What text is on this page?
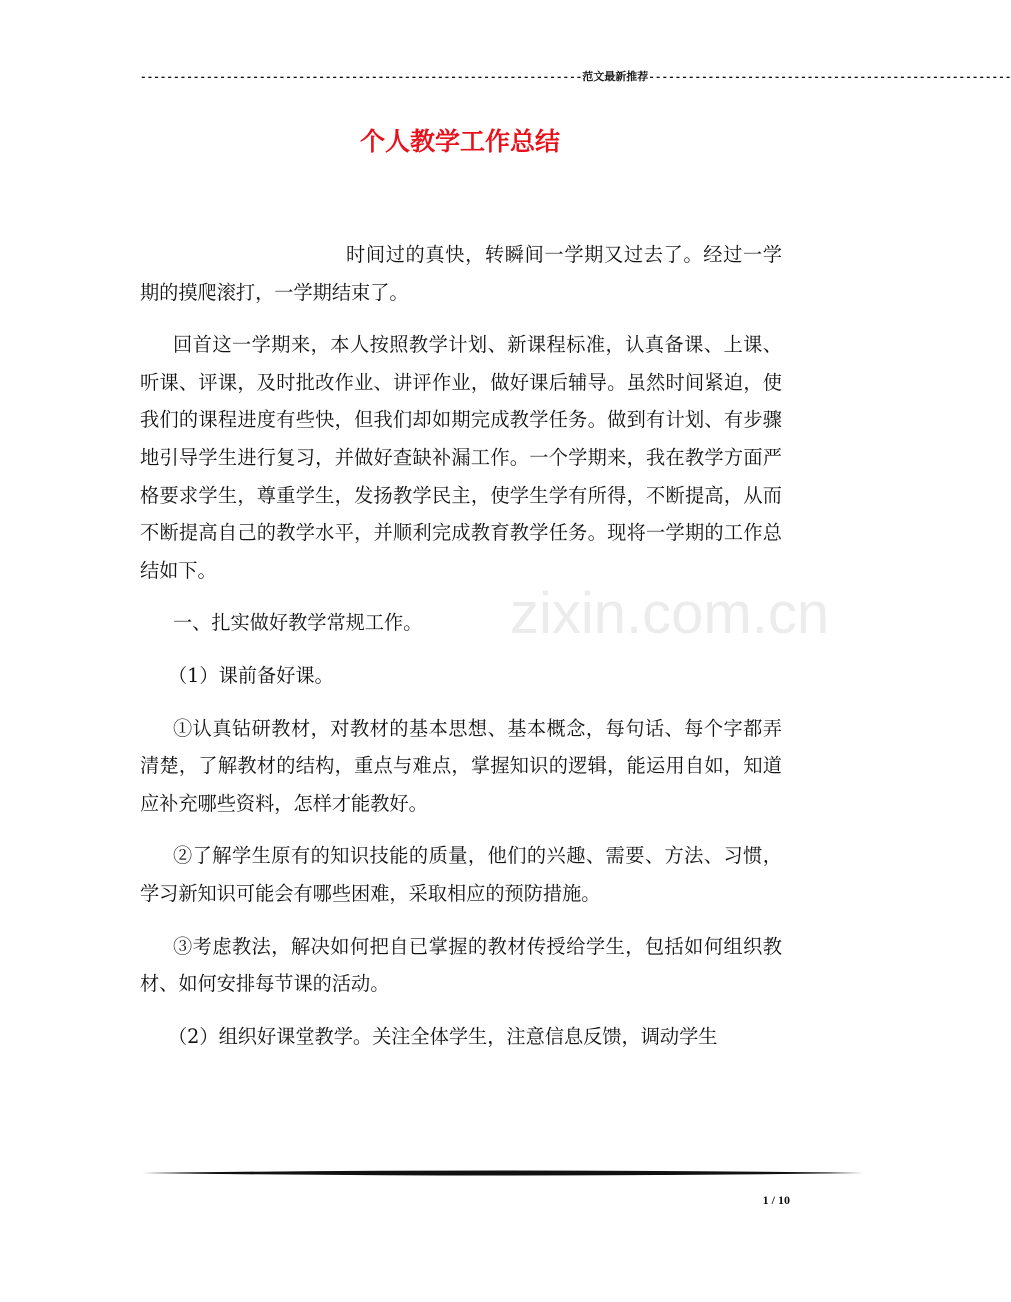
-------------------------------------------------------------------范文最新推荐-------------------------------------------------------
个人教学工作总结

时间过的真快，转瞬间一学期又过去了。经过一学期的摸爬滚打，一学期结束了。

回首这一学期来，本人按照教学计划、新课程标准，认真备课、上课、听课、评课，及时批改作业、讲评作业，做好课后辅导。虽然时间紧迫，使我们的课程进度有些快，但我们却如期完成教学任务。做到有计划、有步骤地引导学生进行复习，并做好查缺补漏工作。一个学期来，我在教学方面严格要求学生，尊重学生，发扬教学民主，使学生学有所得，不断提高，从而不断提高自己的教学水平，并顺利完成教育教学任务。现将一学期的工作总结如下。

一、扎实做好教学常规工作。

（1）课前备好课。

①认真钻研教材，对教材的基本思想、基本概念，每句话、每个字都弄清楚，了解教材的结构，重点与难点，掌握知识的逻辑，能运用自如，知道应补充哪些资料，怎样才能教好。

②了解学生原有的知识技能的质量，他们的兴趣、需要、方法、习惯，学习新知识可能会有哪些困难，采取相应的预防措施。

③考虑教法，解决如何把自已掌握的教材传授给学生，包括如何组织教材、如何安排每节课的活动。

（2）组织好课堂教学。关注全体学生，注意信息反馈，调动学生

zixin.com.cn
1 / 10
